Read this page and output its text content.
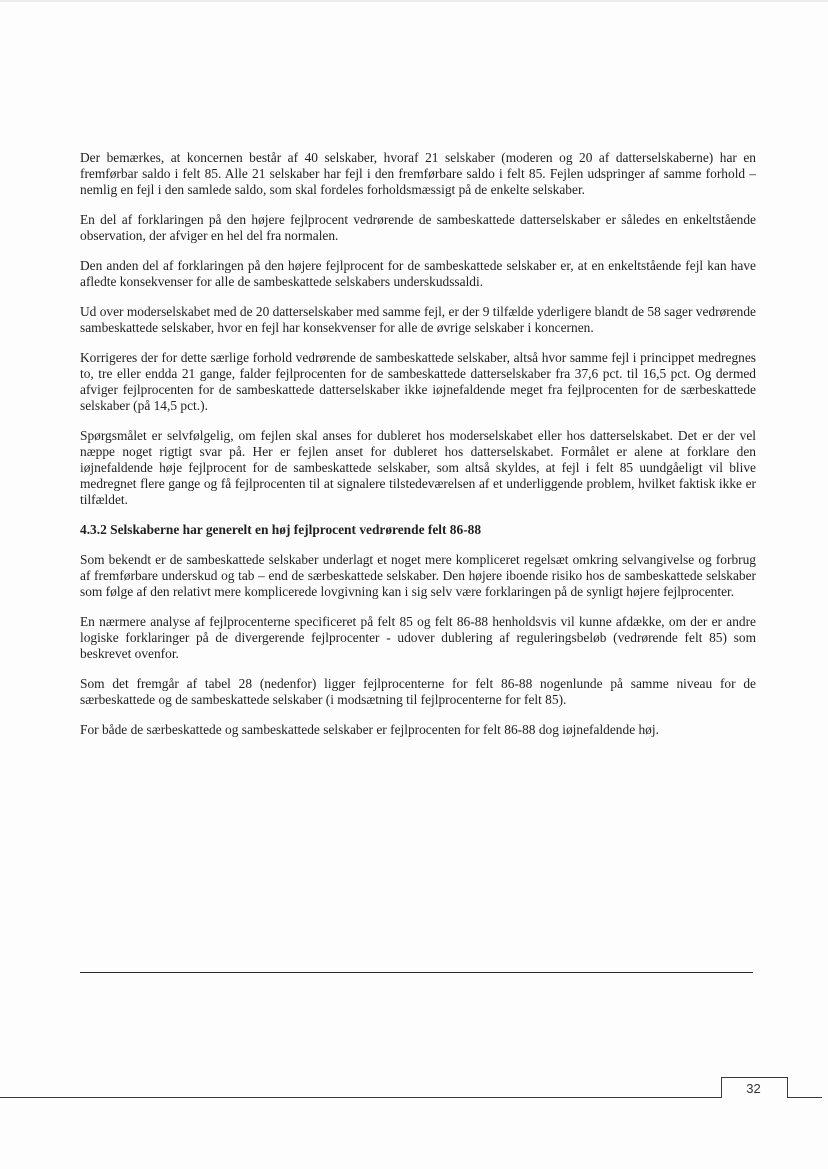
Der bemærkes, at koncernen består af 40 selskaber, hvoraf 21 selskaber (moderen og 20 af datterselskaberne) har en fremførbar saldo i felt 85. Alle 21 selskaber har fejl i den fremførbare saldo i felt 85. Fejlen udspringer af samme forhold – nemlig en fejl i den samlede saldo, som skal fordeles forholdsmæssigt på de enkelte selskaber.

En del af forklaringen på den højere fejlprocent vedrørende de sambeskattede datterselskaber er således en enkeltstående observation, der afviger en hel del fra normalen.

Den anden del af forklaringen på den højere fejlprocent for de sambeskattede selskaber er, at en enkeltstående fejl kan have afledte konsekvenser for alle de sambeskattede selskabers underskudssaldi.

Ud over moderselskabet med de 20 datterselskaber med samme fejl, er der 9 tilfælde yderligere blandt de 58 sager vedrørende sambeskattede selskaber, hvor en fejl har konsekvenser for alle de øvrige selskaber i koncernen.

Korrigeres der for dette særlige forhold vedrørende de sambeskattede selskaber, altså hvor samme fejl i princippet medregnes to, tre eller endda 21 gange, falder fejlprocenten for de sambeskattede datterselskaber fra 37,6 pct. til 16,5 pct. Og dermed afviger fejlprocenten for de sambeskattede datterselskaber ikke iøjnefaldende meget fra fejlprocenten for de særbeskattede selskaber (på 14,5 pct.).

Spørgsmålet er selvfølgelig, om fejlen skal anses for dubleret hos moderselskabet eller hos datterselskabet. Det er der vel næppe noget rigtigt svar på. Her er fejlen anset for dubleret hos datterselskabet. Formålet er alene at forklare den iøjnefaldende høje fejlprocent for de sambeskattede selskaber, som altså skyldes, at fejl i felt 85 uundgåeligt vil blive medregnet flere gange og få fejlprocenten til at signalere tilstedeværelsen af et underliggende problem, hvilket faktisk ikke er tilfældet.

4.3.2 Selskaberne har generelt en høj fejlprocent vedrørende felt 86-88

Som bekendt er de sambeskattede selskaber underlagt et noget mere kompliceret regelsæt omkring selvangivelse og forbrug af fremførbare underskud og tab – end de særbeskattede selskaber. Den højere iboende risiko hos de sambeskattede selskaber som følge af den relativt mere komplicerede lovgivning kan i sig selv være forklaringen på de synligt højere fejlprocenter.

En nærmere analyse af fejlprocenterne specificeret på felt 85 og felt 86-88 henholdsvis vil kunne afdække, om der er andre logiske forklaringer på de divergerende fejlprocenter - udover dublering af reguleringsbeløb (vedrørende felt 85) som beskrevet ovenfor.

Som det fremgår af tabel 28 (nedenfor) ligger fejlprocenterne for felt 86-88 nogenlunde på samme niveau for de særbeskattede og de sambeskattede selskaber (i modsætning til fejlprocenterne for felt 85).

For både de særbeskattede og sambeskattede selskaber er fejlprocenten for felt 86-88 dog iøjnefaldende høj.

32
